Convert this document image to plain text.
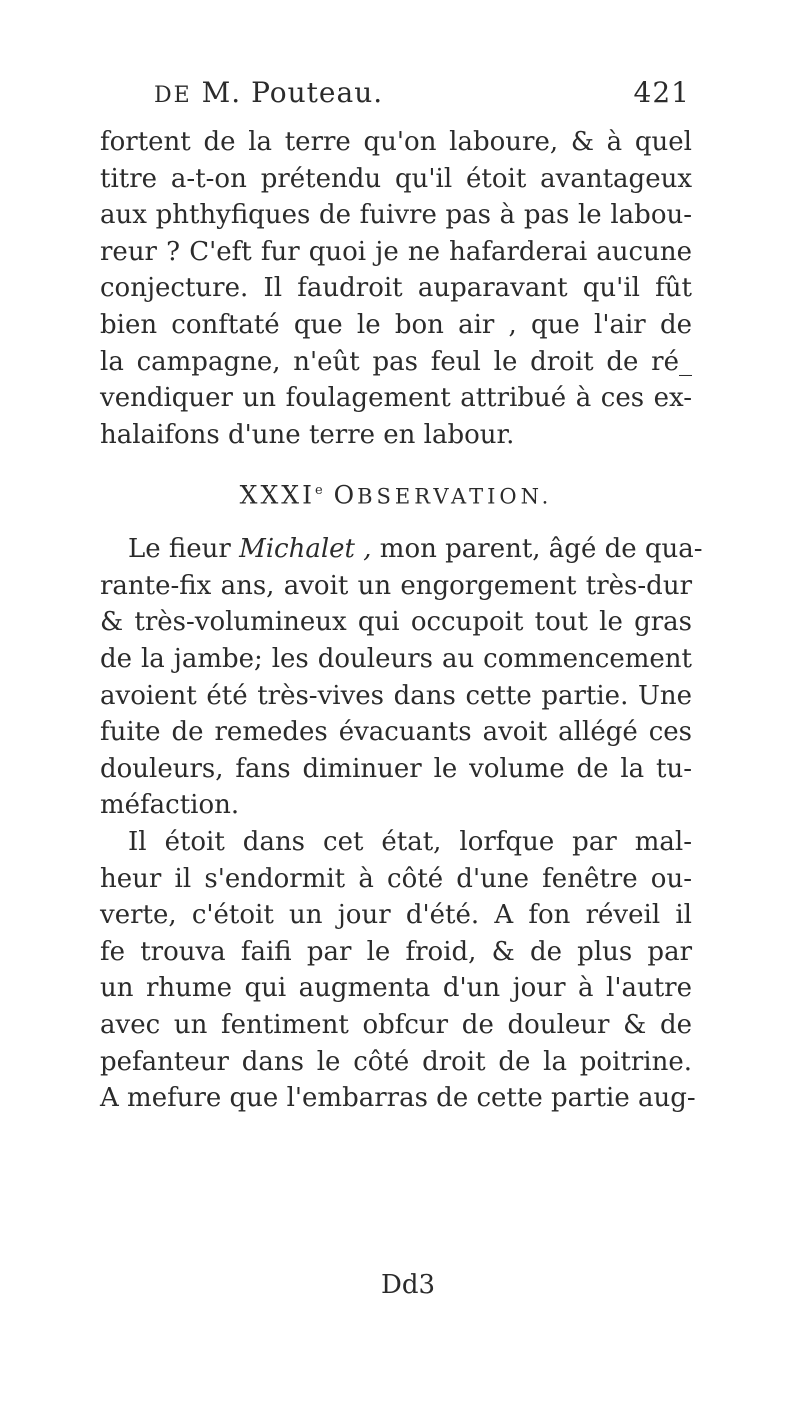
DE M. Pouteau.	421
fortent de la terre qu'on laboure, & à quel
titre a-t-on prétendu qu'il étoit avantageux
aux phthyfiques de fuivre pas à pas le labou-
reur ? C'eft fur quoi je ne hafarderai aucune
conjecture. Il faudroit auparavant qu'il fût
bien conftaté que le bon air , que l'air de
la campagne, n'eût pas feul le droit de ré_
vendiquer un foulagement attribué à ces ex-
halaifons d'une terre en labour.
XXXIe OBSERVATION.
Le fieur Michalet , mon parent, âgé de qua-
rante-fix ans, avoit un engorgement très-dur
& très-volumineux qui occupoit tout le gras
de la jambe; les douleurs au commencement
avoient été très-vives dans cette partie. Une
fuite de remedes évacuants avoit allégé ces
douleurs, fans diminuer le volume de la tu-
méfaction.
Il étoit dans cet état, lorfque par mal-
heur il s'endormit à côté d'une fenêtre ou-
verte, c'étoit un jour d'été. A fon réveil il
fe trouva faifi par le froid, & de plus par
un rhume qui augmenta d'un jour à l'autre
avec un fentiment obfcur de douleur & de
pefanteur dans le côté droit de la poitrine.
A mefure que l'embarras de cette partie aug-
Dd3
